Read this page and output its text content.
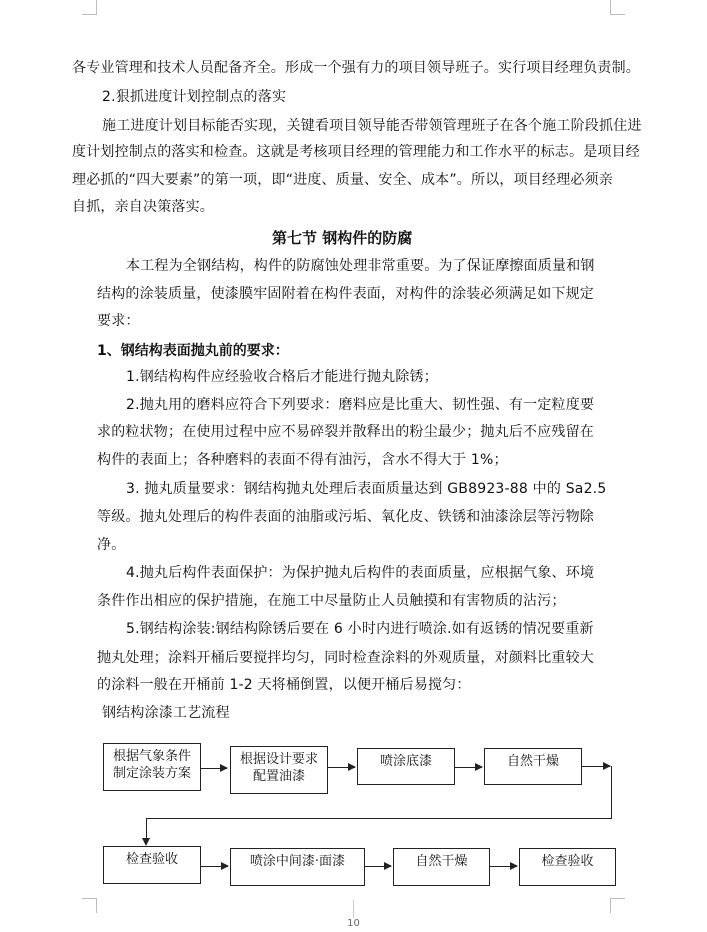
各专业管理和技术人员配备齐全。形成一个强有力的项目领导班子。实行项目经理负责制。
2.狠抓进度计划控制点的落实
施工进度计划目标能否实现，关键看项目领导能否带领管理班子在各个施工阶段抓住进
度计划控制点的落实和检查。这就是考核项目经理的管理能力和工作水平的标志。是项目经
理必抓的“四大要素”的第一项，即“进度、质量、安全、成本”。所以，项目经理必须亲
自抓，亲自决策落实。
第七节 钢构件的防腐
本工程为全钢结构，构件的防腐蚀处理非常重要。为了保证摩擦面质量和钢
结构的涂装质量，使漆膜牢固附着在构件表面，对构件的涂装必须满足如下规定
要求：
1、钢结构表面抛丸前的要求：
1.钢结构构件应经验收合格后才能进行抛丸除锈；
2.抛丸用的磨料应符合下列要求：磨料应是比重大、韧性强、有一定粒度要
求的粒状物；在使用过程中应不易碎裂并散释出的粉尘最少；抛丸后不应残留在
构件的表面上；各种磨料的表面不得有油污，含水不得大于 1%；
3. 抛丸质量要求：钢结构抛丸处理后表面质量达到 GB8923-88 中的 Sa2.5
等级。抛丸处理后的构件表面的油脂或污垢、氧化皮、铁锈和油漆涂层等污物除
净。
4.抛丸后构件表面保护：为保护抛丸后构件的表面质量，应根据气象、环境
条件作出相应的保护措施，在施工中尽量防止人员触摸和有害物质的沾污；
5.钢结构涂装:钢结构除锈后要在 6 小时内进行喷涂.如有返锈的情况要重新
抛丸处理；涂料开桶后要搅拌均匀，同时检查涂料的外观质量，对颜料比重较大
的涂料一般在开桶前 1-2 天将桶倒置，以便开桶后易搅匀：
钢结构涂漆工艺流程
根据气象条件
制定涂装方案
根据设计要求
配置油漆
喷涂底漆	自然干燥
检查验收	喷涂中间漆·面漆	自然干燥	检查验收
10
